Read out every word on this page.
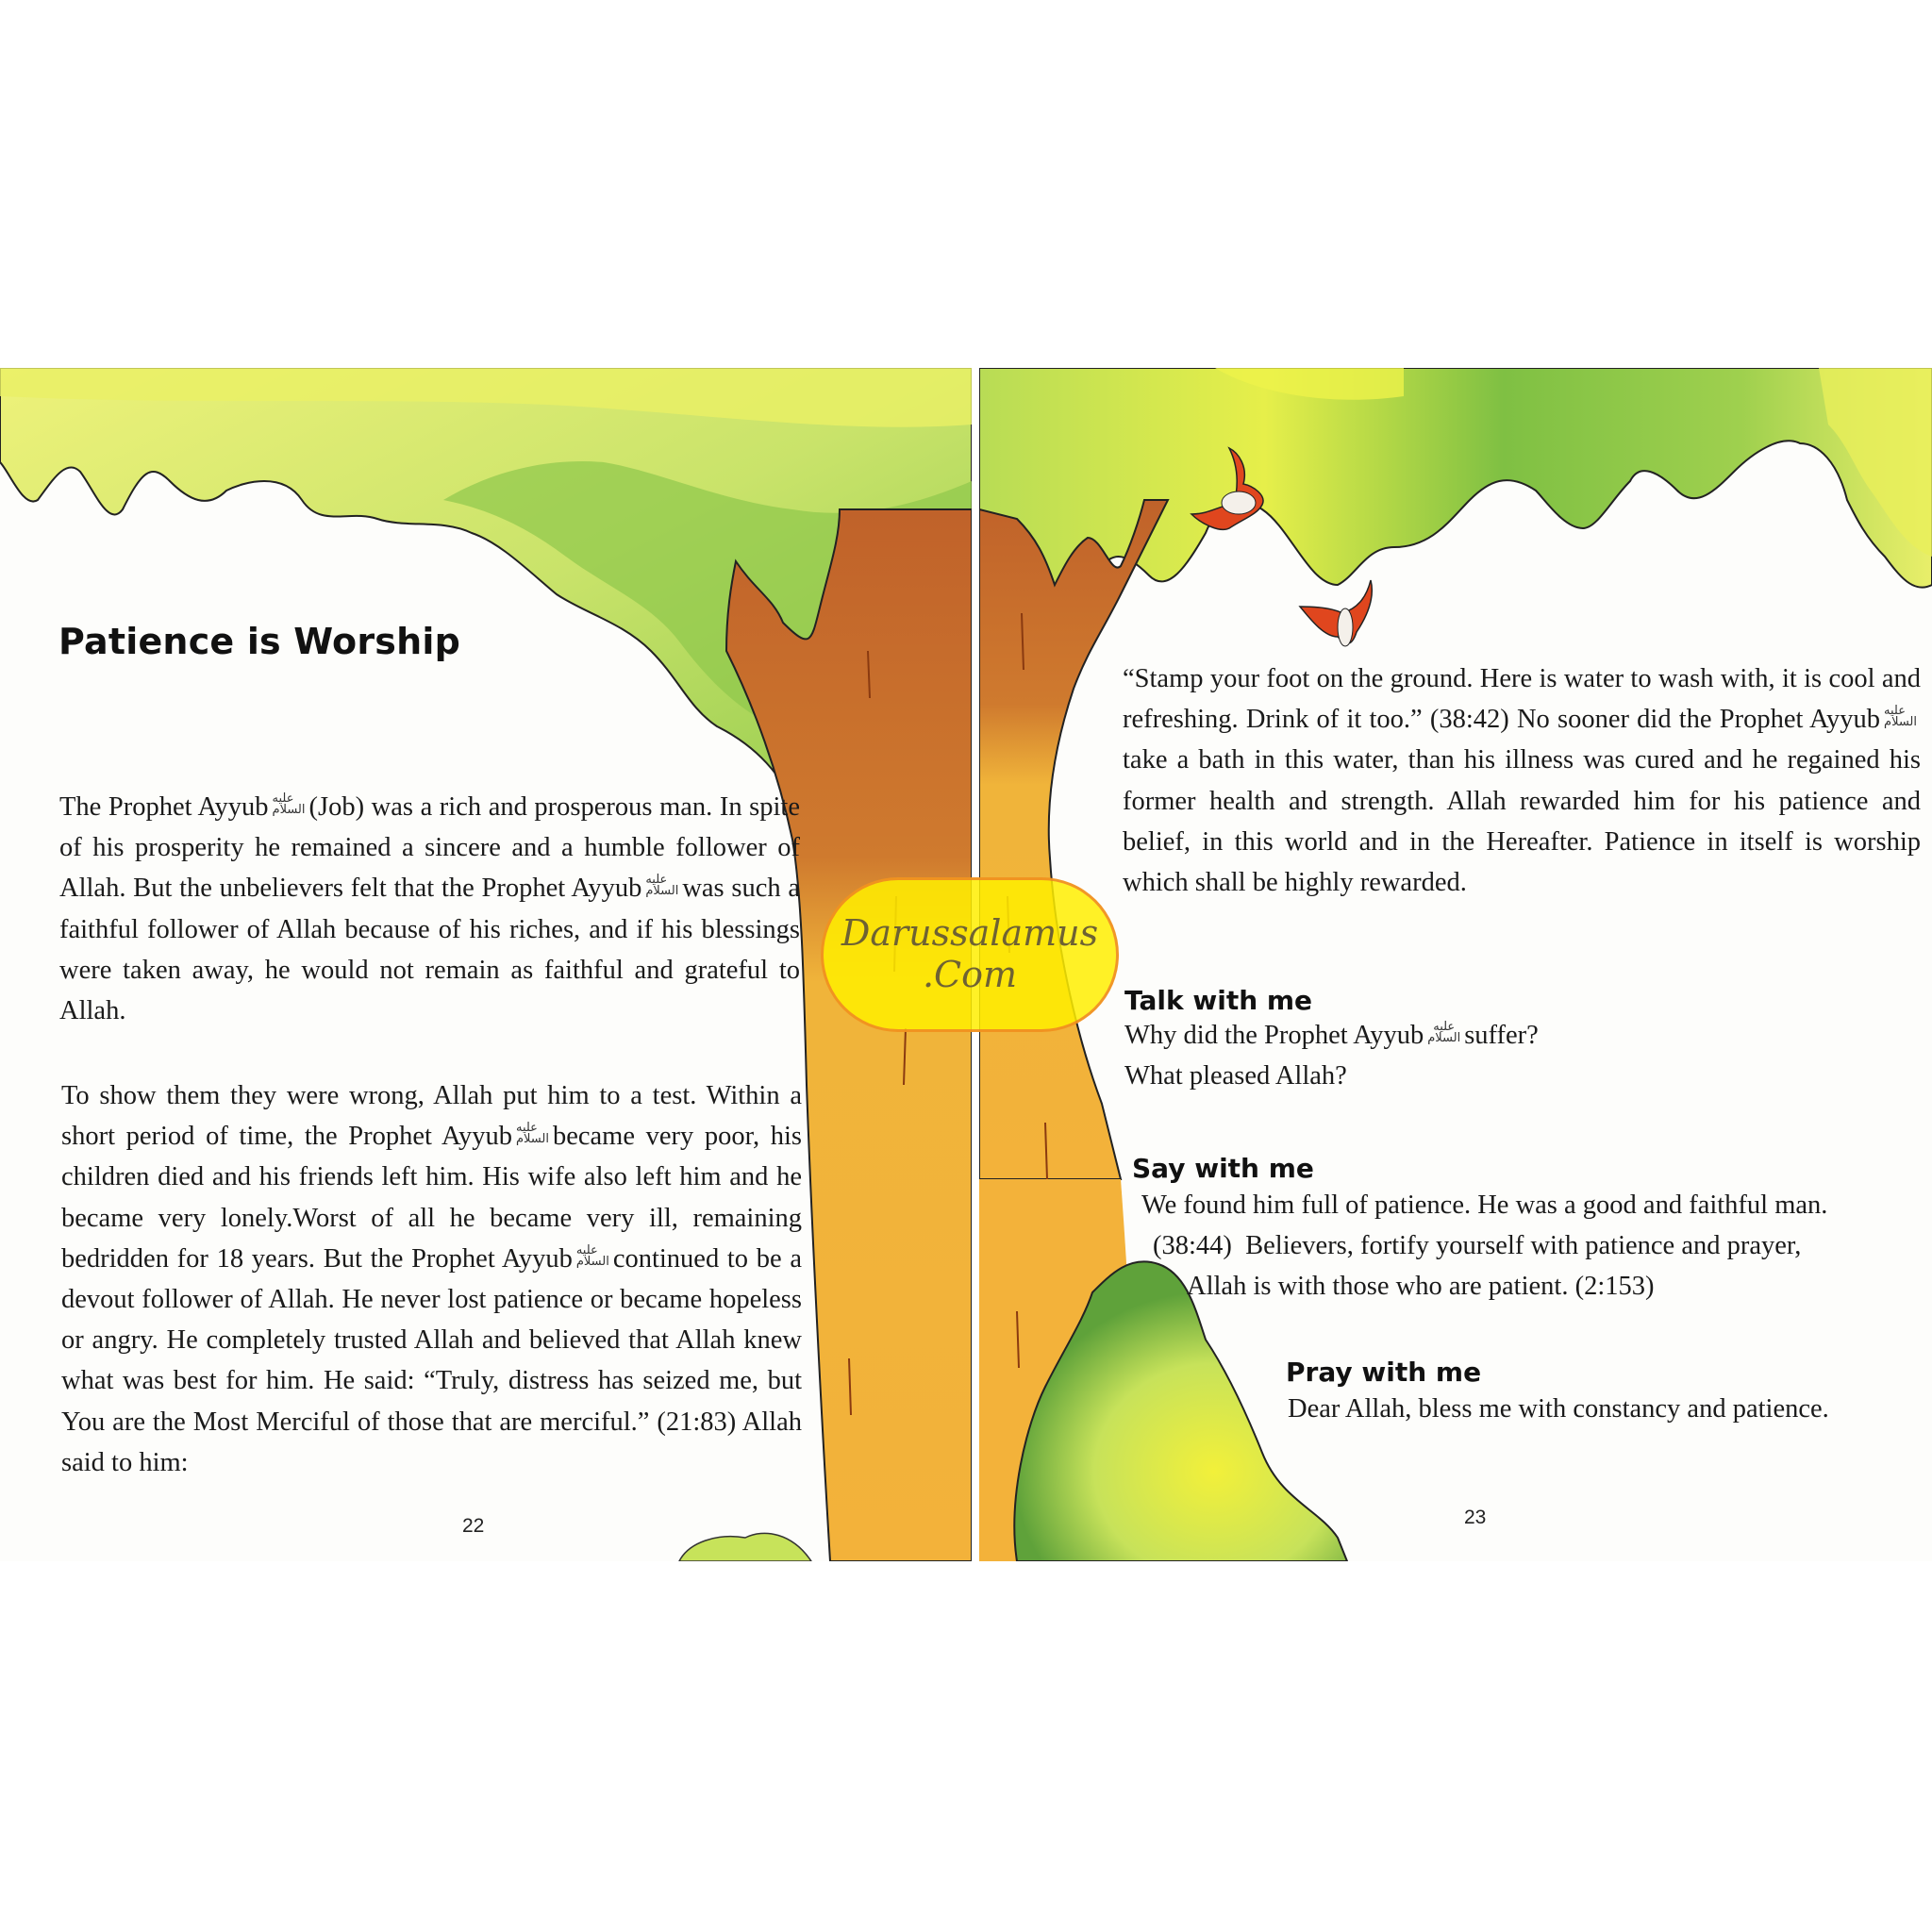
Patience is Worship
The Prophet Ayyub عليه
السلام (Job) was a rich and prosperous man. In spite of his prosperity he remained a sincere and a humble follower of Allah. But the unbelievers felt that the Prophet Ayyub عليه
السلام was such a faithful follower of Allah because of his riches, and if his blessings were taken away, he would not remain as faithful and grateful to Allah.
To show them they were wrong, Allah put him to a test. Within a short period of time, the Prophet Ayyub عليه
السلام became very poor, his children died and his friends left him. His wife also left him and he became very lonely.Worst of all he became very ill, remaining bedridden for 18 years. But the Prophet Ayyub عليه
السلام continued to be a devout follower of Allah. He never lost patience or became hopeless or angry. He completely trusted Allah and believed that Allah knew what was best for him. He said: “Truly, distress has seized me, but You are the Most Merciful of those that are merciful.” (21:83) Allah said to him:
22
“Stamp your foot on the ground. Here is water to wash with, it is cool and refreshing. Drink of it too.” (38:42) No sooner did the Prophet Ayyub عليه
السلام
take a bath in this water, than his illness was cured and he regained his former health and strength. Allah rewarded him for his patience and belief, in this world and in the Hereafter. Patience in itself is worship which shall be highly rewarded.
Talk with me
Why did the Prophet Ayyub عليه
السلام suffer?
What pleased Allah?
Say with me
We found him full of patience. He was a good and faithful man.
(38:44)  Believers, fortify yourself with patience and prayer,
Allah is with those who are patient. (2:153)
Pray with me
Dear Allah, bless me with constancy and patience.
23
Darussalamus
.Com
